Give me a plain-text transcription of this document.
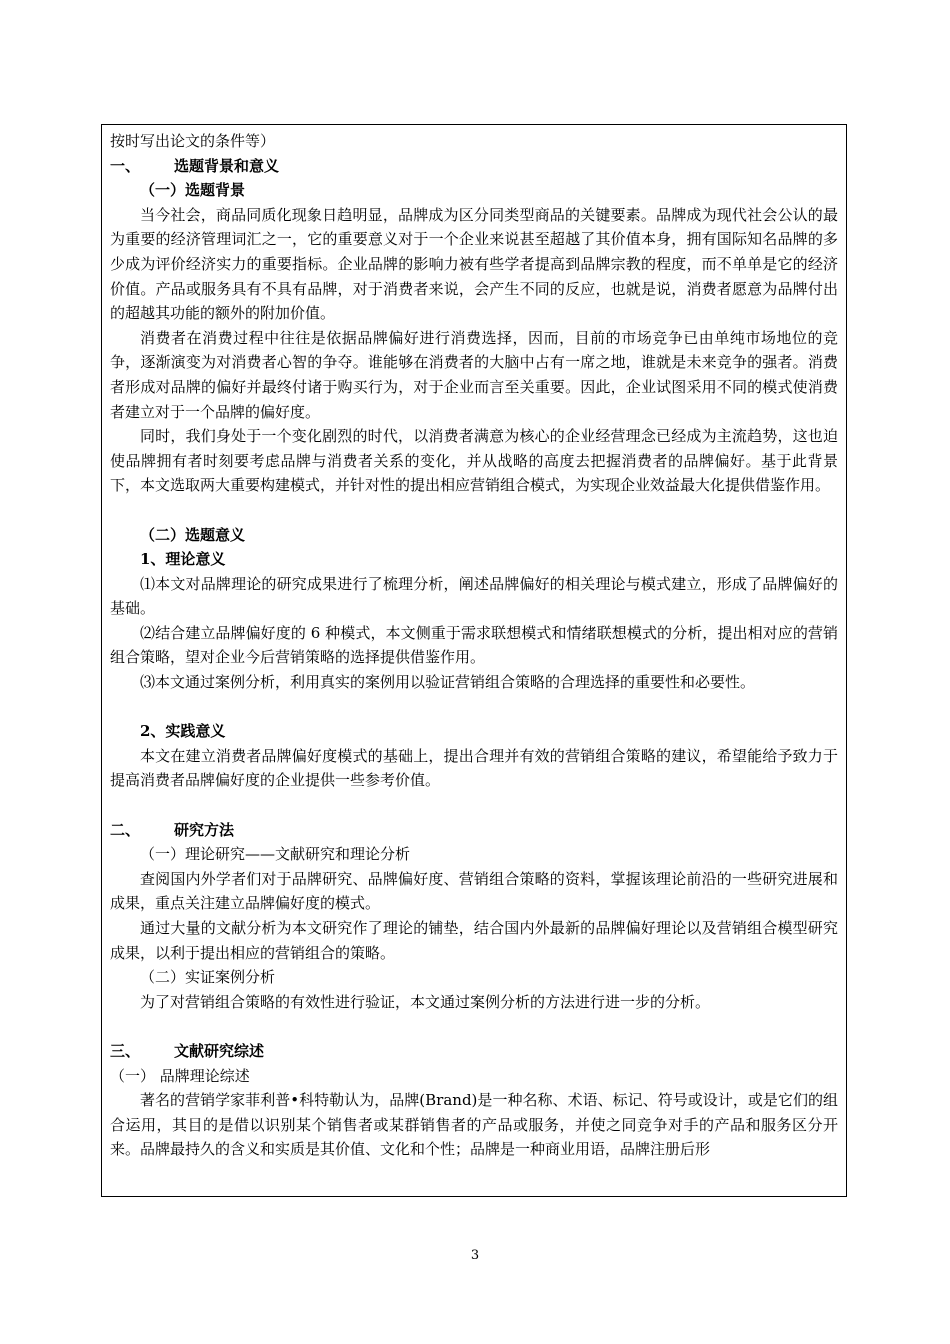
按时写出论文的条件等）
一、 选题背景和意义
（一）选题背景

当今社会，商品同质化现象日趋明显，品牌成为区分同类型商品的关键要素。品牌成为现代社会公认的最为重要的经济管理词汇之一，它的重要意义对于一个企业来说甚至超越了其价值本身，拥有国际知名品牌的多少成为评价经济实力的重要指标。企业品牌的影响力被有些学者提高到品牌宗教的程度，而不单单是它的经济价值。产品或服务具有不具有品牌，对于消费者来说，会产生不同的反应，也就是说，消费者愿意为品牌付出的超越其功能的额外的附加价值。

消费者在消费过程中往往是依据品牌偏好进行消费选择，因而，目前的市场竞争已由单纯市场地位的竞争，逐渐演变为对消费者心智的争夺。谁能够在消费者的大脑中占有一席之地，谁就是未来竞争的强者。消费者形成对品牌的偏好并最终付诸于购买行为，对于企业而言至关重要。因此，企业试图采用不同的模式使消费者建立对于一个品牌的偏好度。

同时，我们身处于一个变化剧烈的时代，以消费者满意为核心的企业经营理念已经成为主流趋势，这也迫使品牌拥有者时刻要考虑品牌与消费者关系的变化，并从战略的高度去把握消费者的品牌偏好。基于此背景下，本文选取两大重要构建模式，并针对性的提出相应营销组合模式，为实现企业效益最大化提供借鉴作用。

（二）选题意义
1、理论意义

⑴本文对品牌理论的研究成果进行了梳理分析，阐述品牌偏好的相关理论与模式建立，形成了品牌偏好的基础。

⑵结合建立品牌偏好度的 6 种模式，本文侧重于需求联想模式和情绪联想模式的分析，提出相对应的营销组合策略，望对企业今后营销策略的选择提供借鉴作用。

⑶本文通过案例分析，利用真实的案例用以验证营销组合策略的合理选择的重要性和必要性。

2、实践意义

本文在建立消费者品牌偏好度模式的基础上，提出合理并有效的营销组合策略的建议，希望能给予致力于提高消费者品牌偏好度的企业提供一些参考价值。

二、 研究方法
（一）理论研究——文献研究和理论分析

查阅国内外学者们对于品牌研究、品牌偏好度、营销组合策略的资料，掌握该理论前沿的一些研究进展和成果，重点关注建立品牌偏好度的模式。

通过大量的文献分析为本文研究作了理论的铺垫，结合国内外最新的品牌偏好理论以及营销组合模型研究成果，以利于提出相应的营销组合的策略。

（二）实证案例分析

为了对营销组合策略的有效性进行验证，本文通过案例分析的方法进行进一步的分析。

三、 文献研究综述
（一） 品牌理论综述

著名的营销学家菲利普•科特勒认为，品牌(Brand)是一种名称、术语、标记、符号或设计，或是它们的组合运用，其目的是借以识别某个销售者或某群销售者的产品或服务，并使之同竞争对手的产品和服务区分开来。品牌最持久的含义和实质是其价值、文化和个性；品牌是一种商业用语，品牌注册后形

3
